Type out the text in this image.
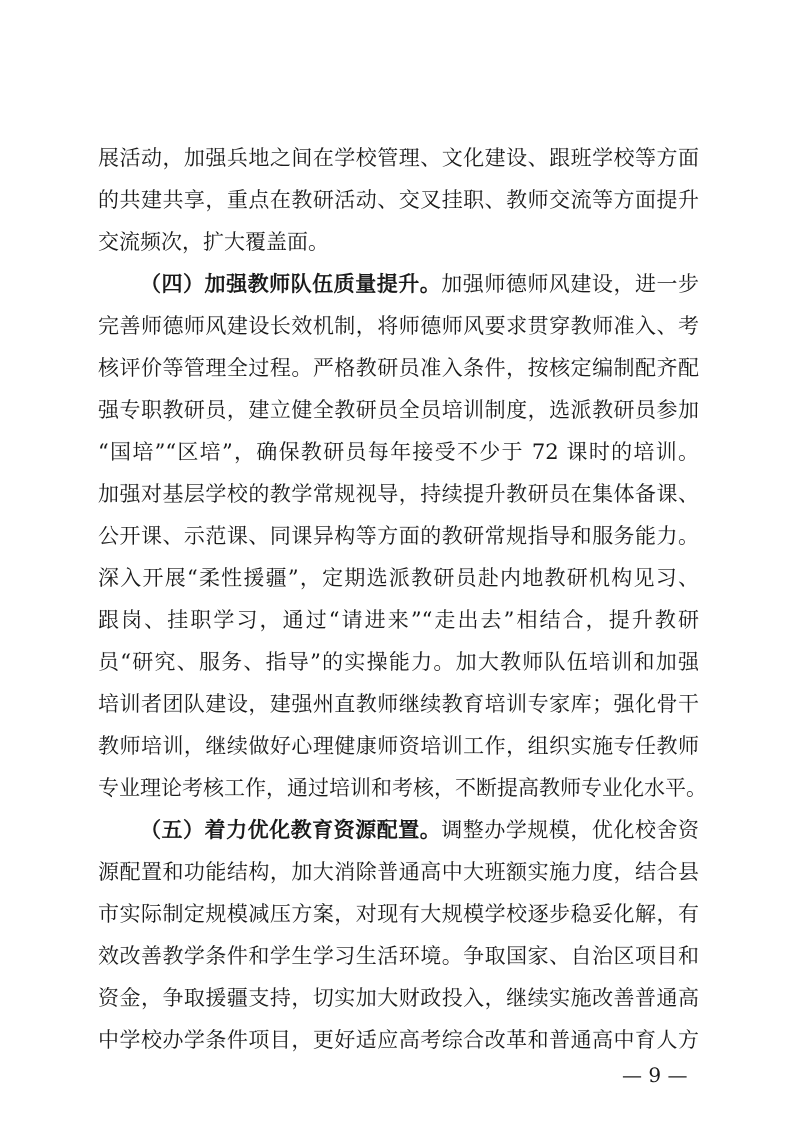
展活动，加强兵地之间在学校管理、文化建设、跟班学校等方面
的共建共享，重点在教研活动、交叉挂职、教师交流等方面提升
交流频次，扩大覆盖面。
（四）加强教师队伍质量提升。加强师德师风建设，进一步
完善师德师风建设长效机制，将师德师风要求贯穿教师准入、考
核评价等管理全过程。严格教研员准入条件，按核定编制配齐配
强专职教研员，建立健全教研员全员培训制度，选派教研员参加
“国培”“区培”，确保教研员每年接受不少于 72 课时的培训。
加强对基层学校的教学常规视导，持续提升教研员在集体备课、
公开课、示范课、同课异构等方面的教研常规指导和服务能力。
深入开展“柔性援疆”，定期选派教研员赴内地教研机构见习、
跟岗、挂职学习，通过“请进来”“走出去”相结合，提升教研
员“研究、服务、指导”的实操能力。加大教师队伍培训和加强
培训者团队建设，建强州直教师继续教育培训专家库；强化骨干
教师培训，继续做好心理健康师资培训工作，组织实施专任教师
专业理论考核工作，通过培训和考核，不断提高教师专业化水平。
（五）着力优化教育资源配置。调整办学规模，优化校舍资
源配置和功能结构，加大消除普通高中大班额实施力度，结合县
市实际制定规模减压方案，对现有大规模学校逐步稳妥化解，有
效改善教学条件和学生学习生活环境。争取国家、自治区项目和
资金，争取援疆支持，切实加大财政投入，继续实施改善普通高
中学校办学条件项目，更好适应高考综合改革和普通高中育人方
— 9 —
